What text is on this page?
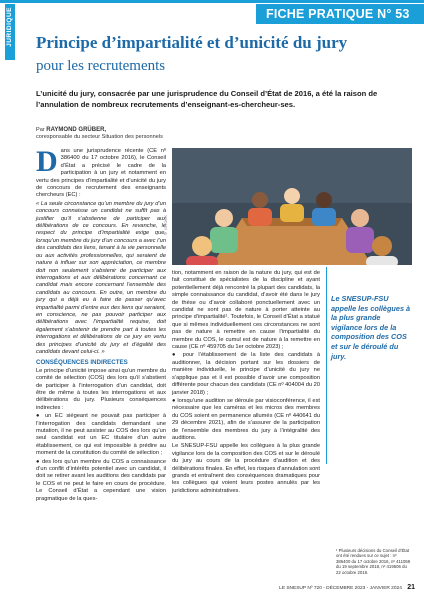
JURIDIQUE	FICHE PRATIQUE N° 53
Principe d’impartialité et d’unicité du jury
pour les recrutements
L’unicité du jury, consacrée par une jurisprudence du Conseil d’État de 2016, a été la raison de l’annulation de nombreux recrutements d’enseignant-es-chercheur-ses.
Par RAYMOND GRÜBER,
coresponsable du secteur Situation des personnels

Dans une jurisprudence récente (CE nº 386400 du 17 octobre 2016), le Conseil d’État a précisé le cadre de la participation à un jury et notamment en vertu des principes d’impartialité et d’unicité du jury de concours de recrutement des enseignants chercheurs (EC) :

« La seule circonstance qu’un membre du jury d’un concours connaisse un candidat ne suffit pas à justifier qu’il s’abstienne de participer aux délibérations de ce concours. En revanche, le respect du principe d’impartialité exige que, lorsqu’un membre du jury d’un concours a avec l’un des candidats des liens, tenant à la vie personnelle ou aux activités professionnelles, qui seraient de nature à influer sur son appréciation, ce membre doit non seulement s’abstenir de participer aux interrogations et aux délibérations concernant ce candidat mais encore concernant l’ensemble des candidats au concours. En outre, un membre du jury qui a déjà eu à faire de passer qu’avec impartialité parmi d’entre eux des liens qui seraient, en conscience, ne pas pouvoir participer aux délibérations avec l’impartialité requise, doit également s’abstenir de prendre part à toutes les interrogations et délibérations de ce jury en vertu des principes d’unicité du jury et d’égalité des candidats devant celui-ci. »

CONSÉQUENCES INDIRECTES

Le principe d’unicité impose ainsi qu’un membre du comité de sélection (COS) des lors qu’il s’abstient de participer à l’interrogation d’un candidat, doit être de même à toutes les interrogations et aux délibérations du jury. Plusieurs conséquences indirectes :

● un EC siégeant ne pouvait pas participer à l’interrogation des candidats demandant une mutation, il ne peut assister au COS des lors qu’un seul candidat est un EC titulaire d’un autre établissement, ce qui est impossible à prédire au moment de la constitution du comité de sélection ;

● des lors qu’un membre du COS a connaissance d’un conflit d’intérêts potentiel avec un candidat, il doit se retirer avant les auditions des candidats par le COS et ne peut le faire en cours de procédure. Le Conseil d’État a cependant une vision pragmatique de la ques-

© ISTOCK

tion, notamment en raison de la nature du jury, qui est de fait constitué de spécialistes de la discipline et ayant potentiellement déjà rencontré la plupart des candidats, la simple connaissance du candidat, d’avoir été dans le jury de thèse ou d’avoir collaboré ponctuellement avec un candidat ne sont pas de nature à porter atteinte au principe d’impartialité¹. Toutefois, le Conseil d’État a statué que si mêmes individuellement ces circonstances ne sont pas de nature à remettre en cause l’impartialité du membre du COS, le cumul est de nature à la remettre en cause (CE nº 459705 du 1er octobre 2023) ;

● pour l’établissement de la liste des candidats à auditionner, la décision portant sur les dossiers de manière individuelle, le principe d’unicité du jury ne s’applique pas et il est possible d’avoir une composition différente pour chacun des candidats (CE nº 404004 du 20 janvier 2018) ;

● lorsqu’une audition se déroule par visioconférence, il est nécessaire que les caméras et les micros des membres du COS soient en permanence allumés (CE nº 440641 du 29 décembre 2021), afin de s’assurer de la participation de l’ensemble des membres du jury à l’intégralité des auditions.

Le SNESUP-FSU appelle les collègues à la plus grande vigilance lors de la composition des COS et sur le déroulé du jury au cours de la procédure d’audition et des délibérations finales. En effet, les risques d’annulation sont grands et entraînent des conséquences dramatiques pour les collègues qui voient leurs postes annulés par les juridictions administratives.

Le SNESUP-FSU appelle les collègues à la plus grande vigilance lors de la composition des COS et sur le déroulé du jury.
¹ Plusieurs décisions du Conseil d’État ont été rendues sur ce sujet : nº 386400 du 17 octobre 2016, nº 411059 du 19 septembre 2018, nº 419506 du 22 octobre 2018.
LE SNESUP Nº 720 - DÉCEMBRE 2023 - JANVIER 2024 21
